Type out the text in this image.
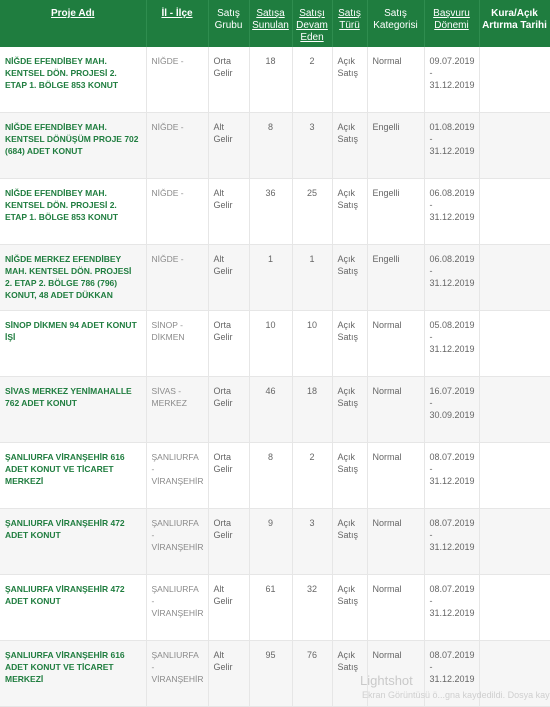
Proje Adı	İl - İlçe	Satış Grubu	Satışa Sunulan	Satışı Devam Eden	Satış Türü	Satış Kategorisi	Başvuru Dönemi	Kura/Açık Artırma Tarihi
NİĞDE EFENDİBEY MAH. KENTSEL DÖN. PROJESİ 2. ETAP 1. BÖLGE 853 KONUT	NİĞDE -	Orta Gelir	18	2	Açık Satış	Normal	09.07.2019 - 31.12.2019	
NİĞDE EFENDİBEY MAH. KENTSEL DÖNÜŞÜM PROJE 702 (684) ADET KONUT	NİĞDE -	Alt Gelir	8	3	Açık Satış	Engelli	01.08.2019 - 31.12.2019	
NİĞDE EFENDİBEY MAH. KENTSEL DÖN. PROJESİ 2. ETAP 1. BÖLGE 853 KONUT	NİĞDE -	Alt Gelir	36	25	Açık Satış	Engelli	06.08.2019 - 31.12.2019	
NİĞDE MERKEZ EFENDİBEY MAH. KENTSEL DÖN. PROJESİ 2. ETAP 2. BÖLGE 786 (796) KONUT, 48 ADET DÜKKAN	NİĞDE -	Alt Gelir	1	1	Açık Satış	Engelli	06.08.2019 - 31.12.2019	
SİNOP DİKMEN 94 ADET KONUT İŞİ	SİNOP - DİKMEN	Orta Gelir	10	10	Açık Satış	Normal	05.08.2019 - 31.12.2019	
SİVAS MERKEZ YENİMAHALLE 762 ADET KONUT	SİVAS - MERKEZ	Orta Gelir	46	18	Açık Satış	Normal	16.07.2019 - 30.09.2019	
ŞANLIURFA VİRANŞEHİR 616 ADET KONUT VE TİCARET MERKEZİ	ŞANLIURFA - VİRANŞEHİR	Orta Gelir	8	2	Açık Satış	Normal	08.07.2019 - 31.12.2019	
ŞANLIURFA VİRANŞEHİR 472 ADET KONUT	ŞANLIURFA - VİRANŞEHİR	Orta Gelir	9	3	Açık Satış	Normal	08.07.2019 - 31.12.2019	
ŞANLIURFA VİRANŞEHİR 472 ADET KONUT	ŞANLIURFA - VİRANŞEHİR	Alt Gelir	61	32	Açık Satış	Normal	08.07.2019 - 31.12.2019	
ŞANLIURFA VİRANŞEHİR 616 ADET KONUT VE TİCARET MERKEZİ	ŞANLIURFA - VİRANŞEHİR	Alt Gelir	95	76	Açık Satış	Normal	08.07.2019 - 31.12.2019	
Lightshot
Ekran Görüntüsü ö...gna kaydedildi. Dosya kay
